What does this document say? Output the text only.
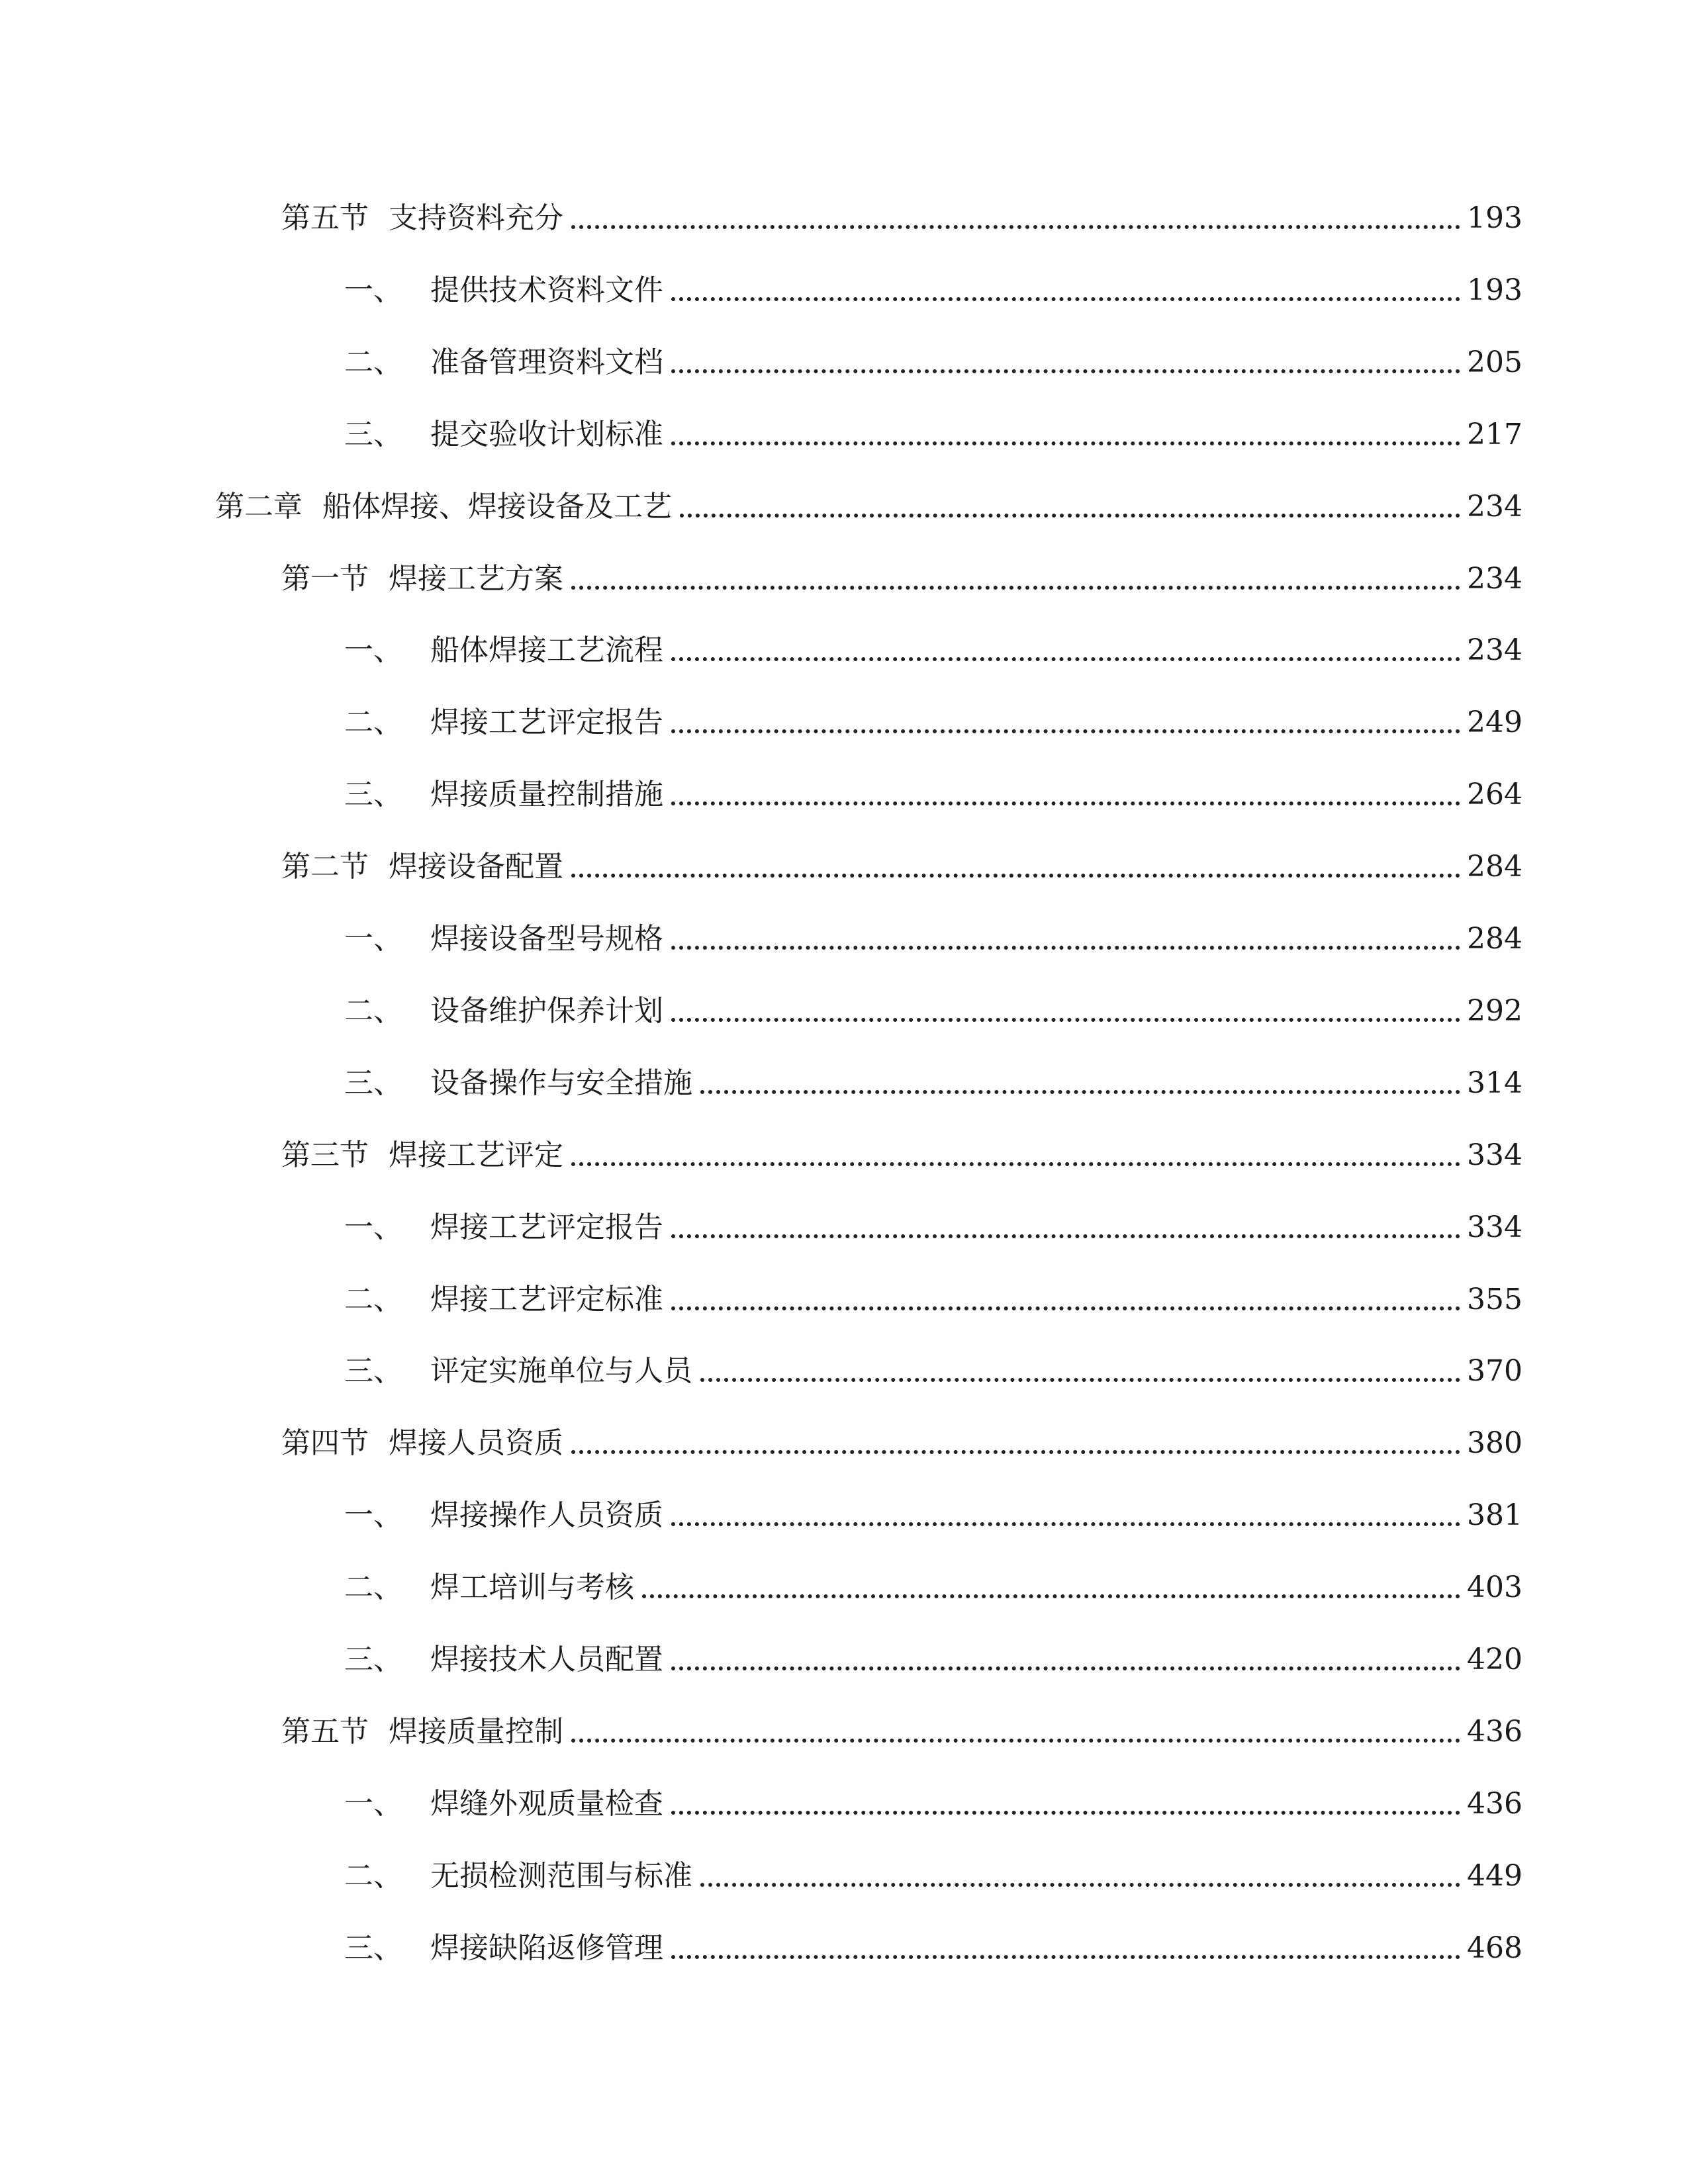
第五节 支持资料充分	193
一、 提供技术资料文件	193
二、 准备管理资料文档	205
三、 提交验收计划标准	217
第二章 船体焊接、焊接设备及工艺	234
第一节 焊接工艺方案	234
一、 船体焊接工艺流程	234
二、 焊接工艺评定报告	249
三、 焊接质量控制措施	264
第二节 焊接设备配置	284
一、 焊接设备型号规格	284
二、 设备维护保养计划	292
三、 设备操作与安全措施	314
第三节 焊接工艺评定	334
一、 焊接工艺评定报告	334
二、 焊接工艺评定标准	355
三、 评定实施单位与人员	370
第四节 焊接人员资质	380
一、 焊接操作人员资质	381
二、 焊工培训与考核	403
三、 焊接技术人员配置	420
第五节 焊接质量控制	436
一、 焊缝外观质量检查	436
二、 无损检测范围与标准	449
三、 焊接缺陷返修管理	468
